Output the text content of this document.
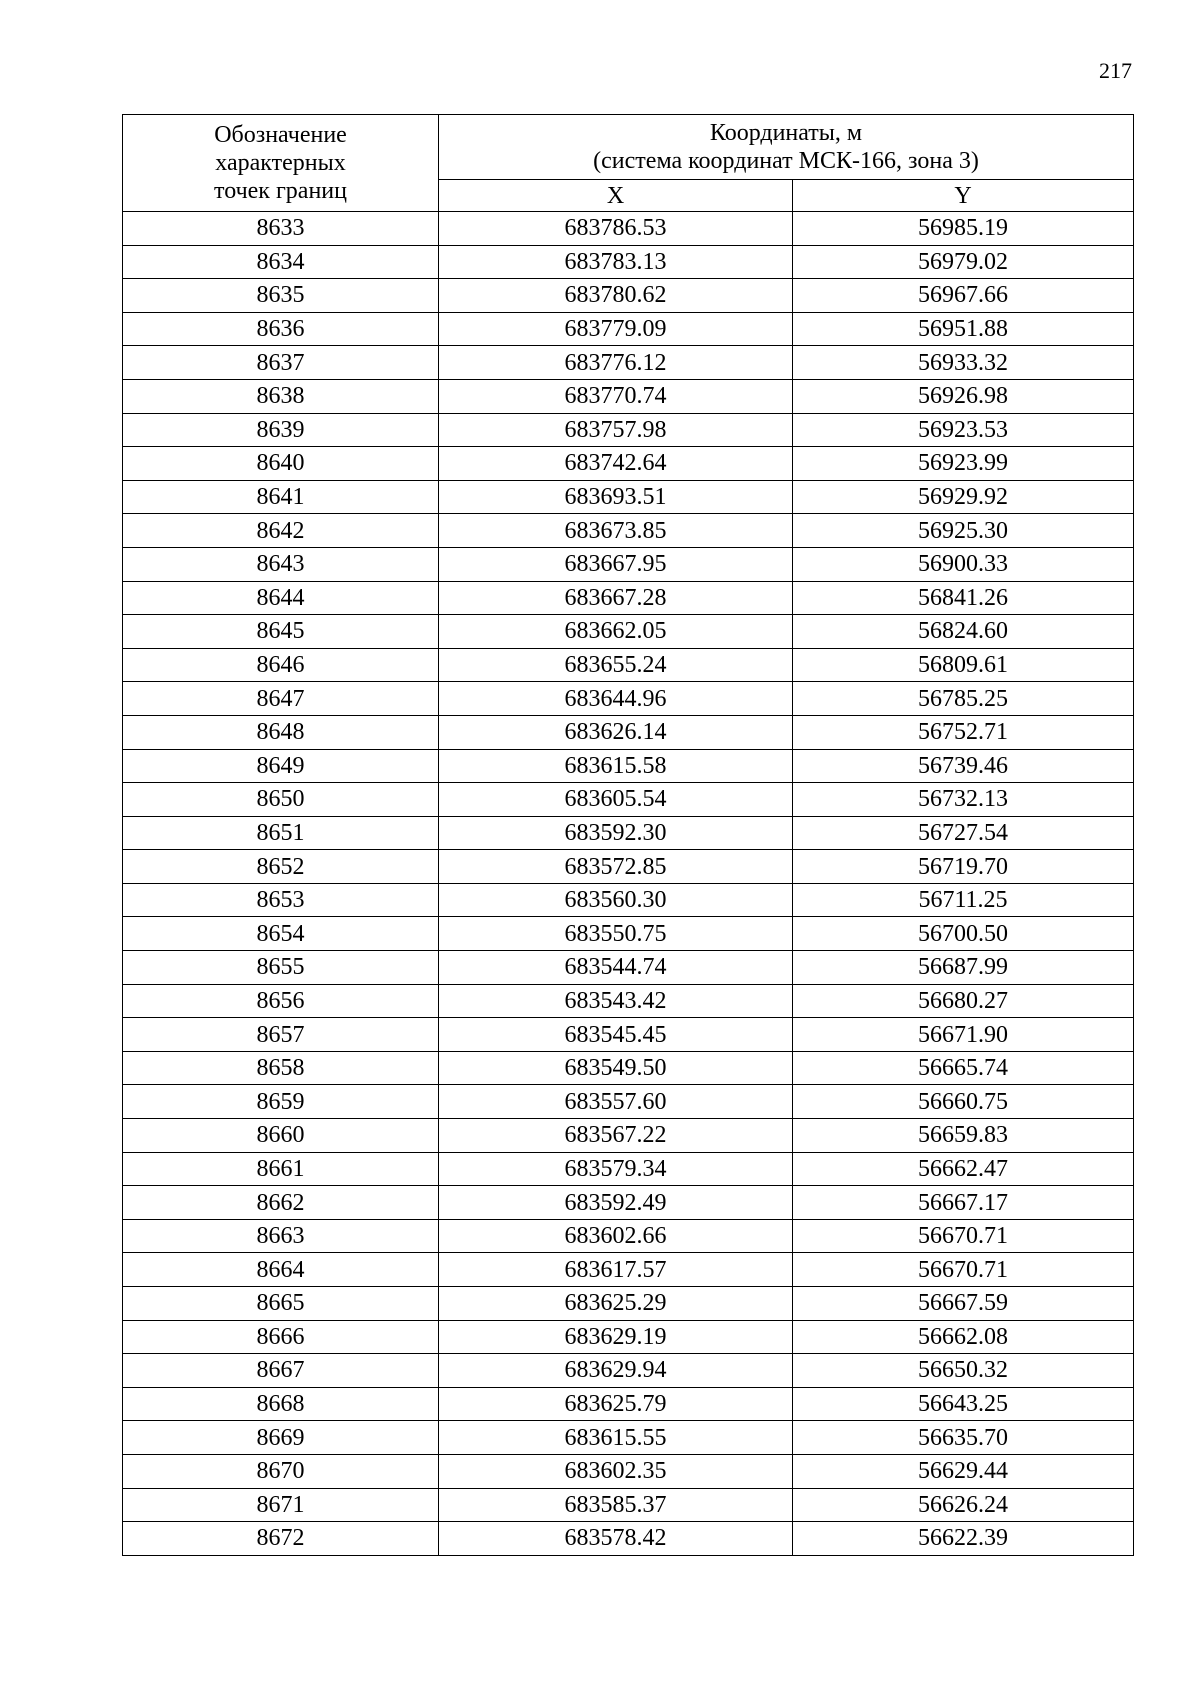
217
Обозначение
характерных
точек границ	Координаты, м
(система координат МСК-166, зона 3)	

	X	Y
8633	683786.53	56985.19
8634	683783.13	56979.02
8635	683780.62	56967.66
8636	683779.09	56951.88
8637	683776.12	56933.32
8638	683770.74	56926.98
8639	683757.98	56923.53
8640	683742.64	56923.99
8641	683693.51	56929.92
8642	683673.85	56925.30
8643	683667.95	56900.33
8644	683667.28	56841.26
8645	683662.05	56824.60
8646	683655.24	56809.61
8647	683644.96	56785.25
8648	683626.14	56752.71
8649	683615.58	56739.46
8650	683605.54	56732.13
8651	683592.30	56727.54
8652	683572.85	56719.70
8653	683560.30	56711.25
8654	683550.75	56700.50
8655	683544.74	56687.99
8656	683543.42	56680.27
8657	683545.45	56671.90
8658	683549.50	56665.74
8659	683557.60	56660.75
8660	683567.22	56659.83
8661	683579.34	56662.47
8662	683592.49	56667.17
8663	683602.66	56670.71
8664	683617.57	56670.71
8665	683625.29	56667.59
8666	683629.19	56662.08
8667	683629.94	56650.32
8668	683625.79	56643.25
8669	683615.55	56635.70
8670	683602.35	56629.44
8671	683585.37	56626.24
8672	683578.42	56622.39
